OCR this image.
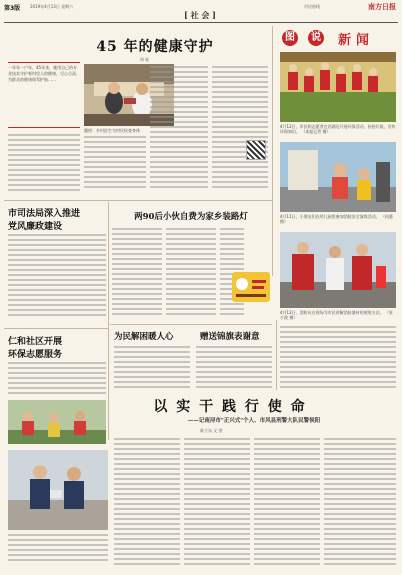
第3版 2019年4月13日 星期六	市民热线	南方日报
[ 社 会 ]
45 年的健康守护
周 标
一年年一户年，45年来，她用自己的专业技术守护着村里人的健康，尽心尽责，为群众的健康保驾护航……
题图：乡村医生为村民检查身体
图	说 新 闻
4月12日，市民和志愿者在西湖边开展环保活动，捡拾垃圾，宣传环保知识。 （本报记者 摄）
4月11日，小朋友们在幼儿园里参加消防安全演练活动。 （何蔷 摄）
4月12日，消防员在现场为市民讲解消防器材的使用方法。 （张小波 摄）
市司法局深入推进
党风廉政建设
两90后小伙自费为家乡装路灯
仁和社区开展
环保志愿服务
为民解困暖人心	赠送锦旗表谢意
以 实 干 践 行 使 命
——记南浔市"正兴式"个人、市风县刑警大队民警侯阳
陈立东 文 图
